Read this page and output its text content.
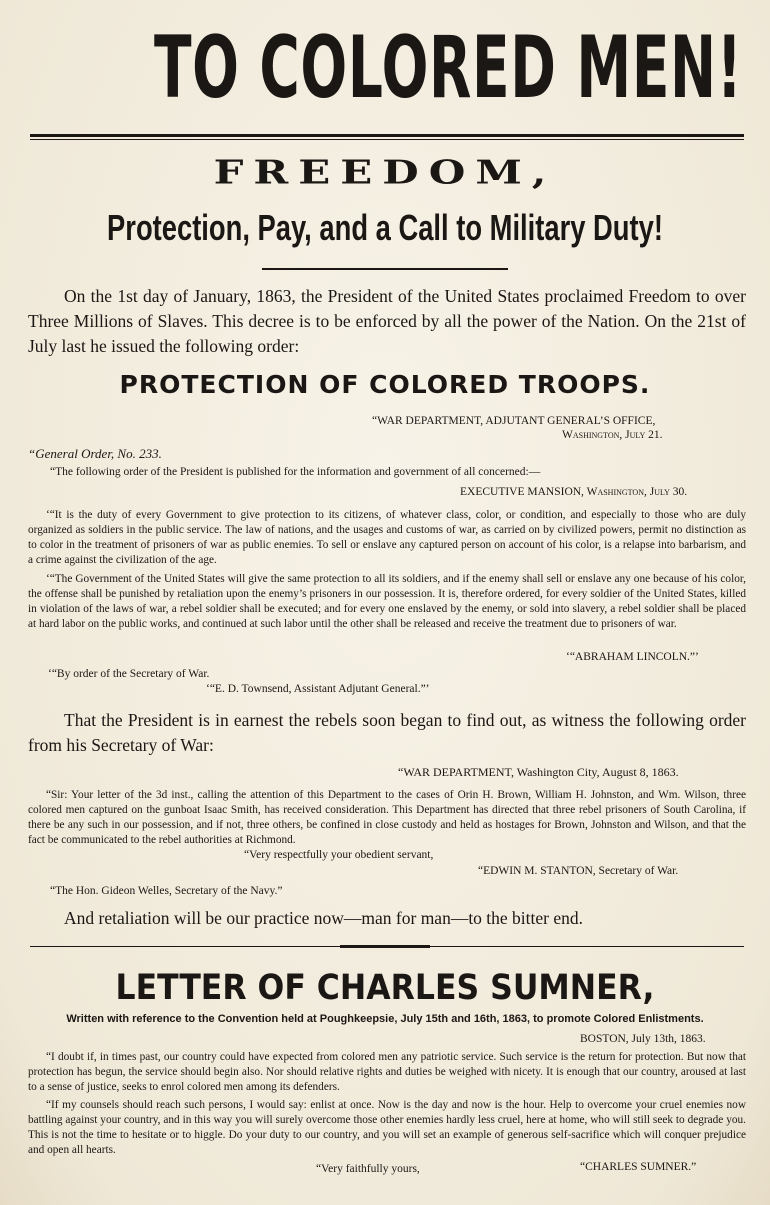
TO COLORED MEN!
FREEDOM,
Protection, Pay, and a Call to Military Duty!
On the 1st day of January, 1863, the President of the United States proclaimed Freedom to over Three Millions of Slaves. This decree is to be enforced by all the power of the Nation. On the 21st of July last he issued the following order:
PROTECTION OF COLORED TROOPS.
“WAR DEPARTMENT, ADJUTANT GENERAL’S OFFICE,
Washington, July 21.
“General Order, No. 233.
“The following order of the President is published for the information and government of all concerned:—
EXECUTIVE MANSION, Washington, July 30.
‘“It is the duty of every Government to give protection to its citizens, of whatever class, color, or condition, and especially to those who are duly organized as soldiers in the public service. The law of nations, and the usages and customs of war, as carried on by civilized powers, permit no distinction as to color in the treatment of prisoners of war as public enemies. To sell or enslave any captured person on account of his color, is a relapse into barbarism, and a crime against the civilization of the age.
‘“The Government of the United States will give the same protection to all its soldiers, and if the enemy shall sell or enslave any one because of his color, the offense shall be punished by retaliation upon the enemy’s prisoners in our possession. It is, therefore ordered, for every soldier of the United States, killed in violation of the laws of war, a rebel soldier shall be executed; and for every one enslaved by the enemy, or sold into slavery, a rebel soldier shall be placed at hard labor on the public works, and continued at such labor until the other shall be released and receive the treatment due to prisoners of war.
‘“ABRAHAM LINCOLN.”’
‘“By order of the Secretary of War.
‘“E. D. Townsend, Assistant Adjutant General.”’
That the President is in earnest the rebels soon began to find out, as witness the following order from his Secretary of War:
“WAR DEPARTMENT, Washington City, August 8, 1863.
“Sir: Your letter of the 3d inst., calling the attention of this Department to the cases of Orin H. Brown, William H. Johnston, and Wm. Wilson, three colored men captured on the gunboat Isaac Smith, has received consideration. This Department has directed that three rebel prisoners of South Carolina, if there be any such in our possession, and if not, three others, be confined in close custody and held as hostages for Brown, Johnston and Wilson, and that the fact be communicated to the rebel authorities at Richmond.
“Very respectfully your obedient servant,
“EDWIN M. STANTON, Secretary of War.
“The Hon. Gideon Welles, Secretary of the Navy.”
And retaliation will be our practice now—man for man—to the bitter end.
LETTER OF CHARLES SUMNER,
Written with reference to the Convention held at Poughkeepsie, July 15th and 16th, 1863, to promote Colored Enlistments.
BOSTON, July 13th, 1863.
“I doubt if, in times past, our country could have expected from colored men any patriotic service. Such service is the return for protection. But now that protection has begun, the service should begin also. Nor should relative rights and duties be weighed with nicety. It is enough that our country, aroused at last to a sense of justice, seeks to enrol colored men among its defenders.
“If my counsels should reach such persons, I would say: enlist at once. Now is the day and now is the hour. Help to overcome your cruel enemies now battling against your country, and in this way you will surely overcome those other enemies hardly less cruel, here at home, who will still seek to degrade you. This is not the time to hesitate or to higgle. Do your duty to our country, and you will set an example of generous self-sacrifice which will conquer prejudice and open all hearts.
“Very faithfully yours,	“CHARLES SUMNER.”
